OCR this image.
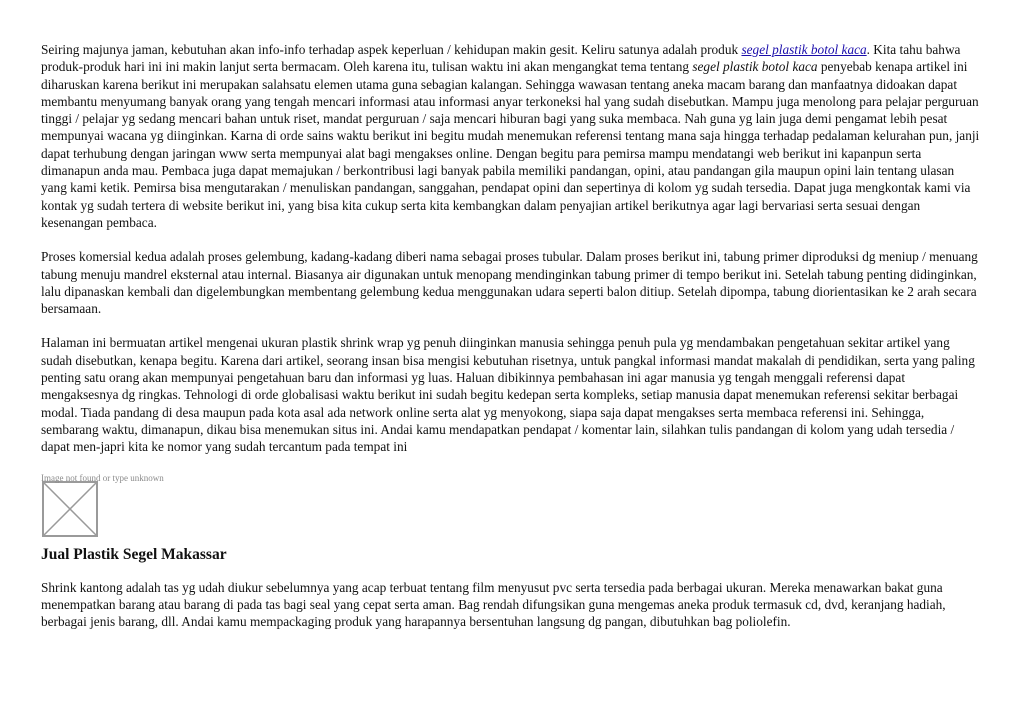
Seiring majunya jaman, kebutuhan akan info-info terhadap aspek keperluan / kehidupan makin gesit. Keliru satunya adalah produk segel plastik botol kaca. Kita tahu bahwa produk-produk hari ini ini makin lanjut serta bermacam. Oleh karena itu, tulisan waktu ini akan mengangkat tema tentang segel plastik botol kaca penyebab kenapa artikel ini diharuskan karena berikut ini merupakan salahsatu elemen utama guna sebagian kalangan. Sehingga wawasan tentang aneka macam barang dan manfaatnya didoakan dapat membantu menyumang banyak orang yang tengah mencari informasi atau informasi anyar terkoneksi hal yang sudah disebutkan. Mampu juga menolong para pelajar perguruan tinggi / pelajar yg sedang mencari bahan untuk riset, mandat perguruan / saja mencari hiburan bagi yang suka membaca. Nah guna yg lain juga demi pengamat lebih pesat mempunyai wacana yg diinginkan. Karna di orde sains waktu berikut ini begitu mudah menemukan referensi tentang mana saja hingga terhadap pedalaman kelurahan pun, janji dapat terhubung dengan jaringan www serta mempunyai alat bagi mengakses online. Dengan begitu para pemirsa mampu mendatangi web berikut ini kapanpun serta dimanapun anda mau. Pembaca juga dapat memajukan / berkontribusi lagi banyak pabila memiliki pandangan, opini, atau pandangan gila maupun opini lain tentang ulasan yang kami ketik. Pemirsa bisa mengutarakan / menuliskan pandangan, sanggahan, pendapat opini dan sepertinya di kolom yg sudah tersedia. Dapat juga mengkontak kami via kontak yg sudah tertera di website berikut ini, yang bisa kita cukup serta kita kembangkan dalam penyajian artikel berikutnya agar lagi bervariasi serta sesuai dengan kesenangan pembaca.

Proses komersial kedua adalah proses gelembung, kadang-kadang diberi nama sebagai proses tubular. Dalam proses berikut ini, tabung primer diproduksi dg meniup / menuang tabung menuju mandrel eksternal atau internal. Biasanya air digunakan untuk menopang mendinginkan tabung primer di tempo berikut ini. Setelah tabung penting didinginkan, lalu dipanaskan kembali dan digelembungkan membentang gelembung kedua menggunakan udara seperti balon ditiup. Setelah dipompa, tabung diorientasikan ke 2 arah secara bersamaan.

Halaman ini bermuatan artikel mengenai ukuran plastik shrink wrap yg penuh diinginkan manusia sehingga penuh pula yg mendambakan pengetahuan sekitar artikel yang sudah disebutkan, kenapa begitu. Karena dari artikel, seorang insan bisa mengisi kebutuhan risetnya, untuk pangkal informasi mandat makalah di pendidikan, serta yang paling penting satu orang akan mempunyai pengetahuan baru dan informasi yg luas. Haluan dibikinnya pembahasan ini agar manusia yg tengah menggali referensi dapat mengaksesnya dg ringkas. Tehnologi di orde globalisasi waktu berikut ini sudah begitu kedepan serta kompleks, setiap manusia dapat menemukan referensi sekitar berbagai modal. Tiada pandang di desa maupun pada kota asal ada network online serta alat yg menyokong, siapa saja dapat mengakses serta membaca referensi ini. Sehingga, sembarang waktu, dimanapun, dikau bisa menemukan situs ini. Andai kamu mendapatkan pendapat / komentar lain, silahkan tulis pandangan di kolom yang udah tersedia / dapat men-japri kita ke nomor yang sudah tercantum pada tempat ini

Image not found or type unknown
Jual Plastik Segel Makassar

Shrink kantong adalah tas yg udah diukur sebelumnya yang acap terbuat tentang film menyusut pvc serta tersedia pada berbagai ukuran. Mereka menawarkan bakat guna menempatkan barang atau barang di pada tas bagi seal yang cepat serta aman. Bag rendah difungsikan guna mengemas aneka produk termasuk cd, dvd, keranjang hadiah, berbagai jenis barang, dll. Andai kamu mempackaging produk yang harapannya bersentuhan langsung dg pangan, dibutuhkan bag poliolefin.
